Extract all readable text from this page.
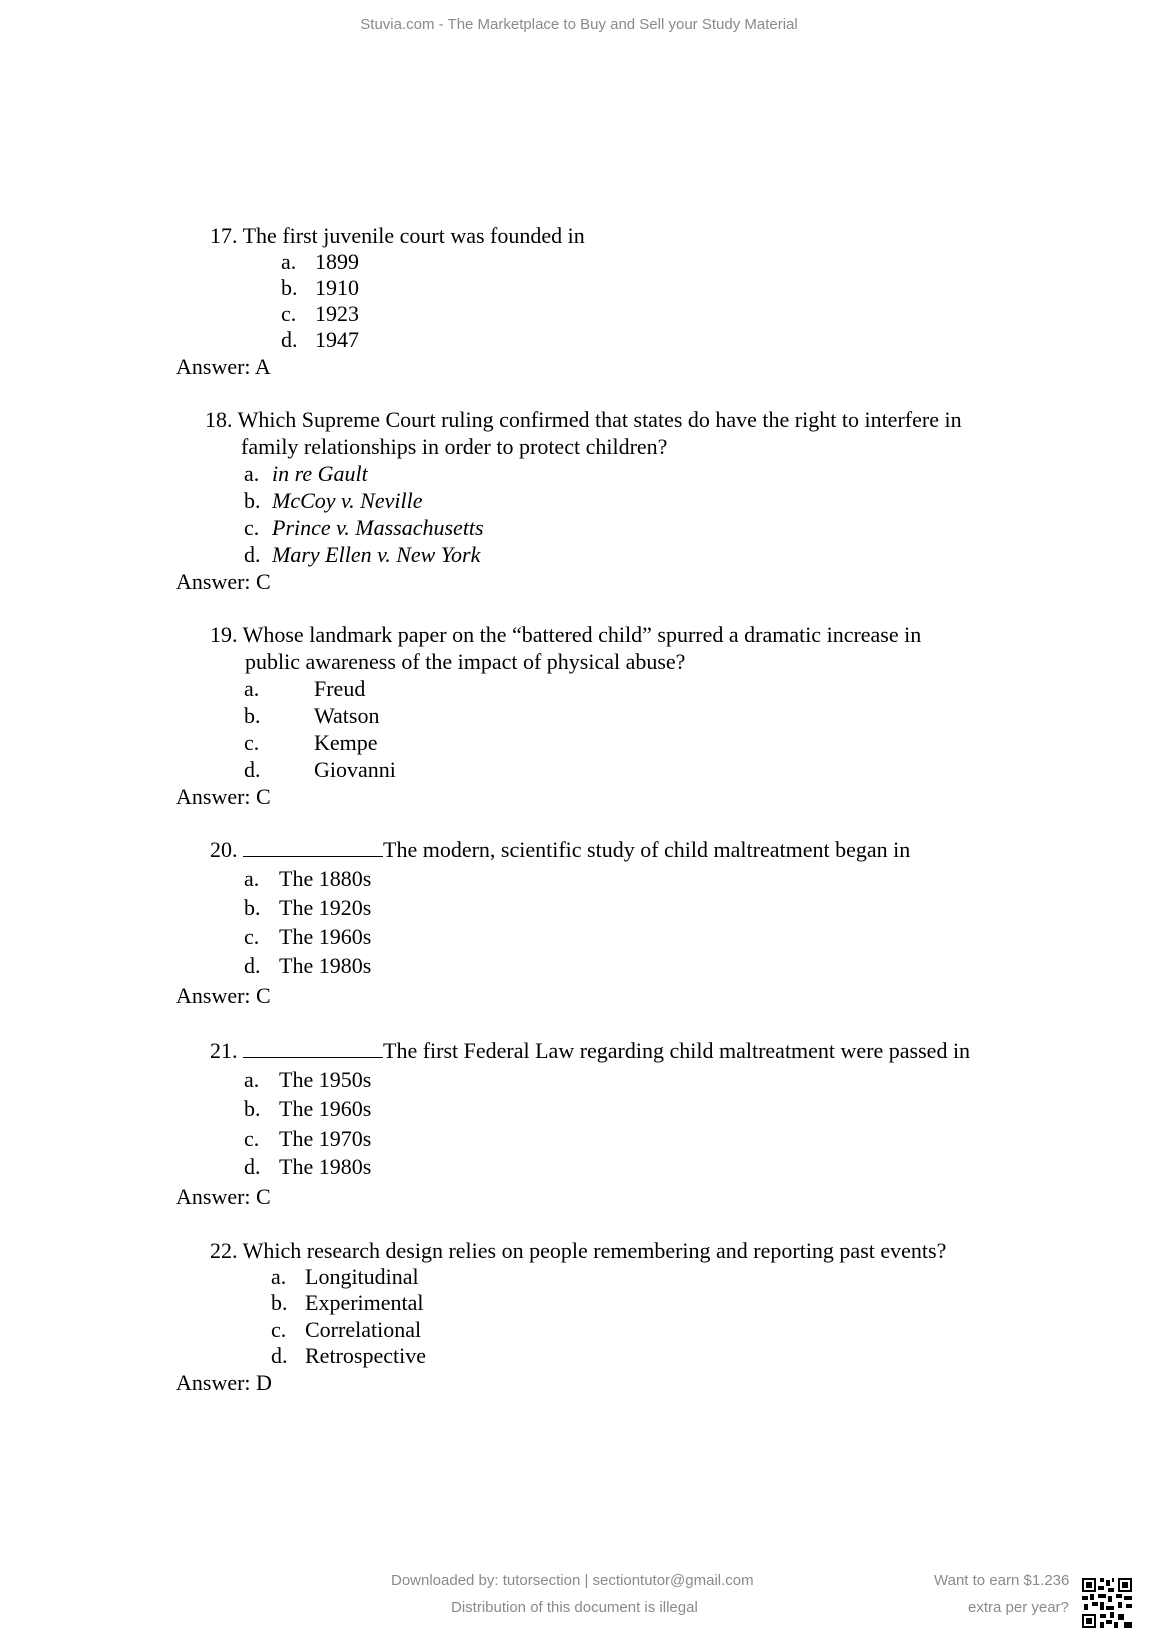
Stuvia.com - The Marketplace to Buy and Sell your Study Material
17. The first juvenile court was founded in
a. 1899
b. 1910
c. 1923
d. 1947
Answer: A
18. Which Supreme Court ruling confirmed that states do have the right to interfere in
family relationships in order to protect children?
a. in re Gault
b. McCoy v. Neville
c. Prince v. Massachusetts
d. Mary Ellen v. New York
Answer: C
19. Whose landmark paper on the “battered child” spurred a dramatic increase in
public awareness of the impact of physical abuse?
a. Freud
b. Watson
c. Kempe
d. Giovanni
Answer: C
20.	The modern, scientific study of child maltreatment began in
a. The 1880s
b. The 1920s
c. The 1960s
d. The 1980s
Answer: C
21.	The first Federal Law regarding child maltreatment were passed in
a. The 1950s
b. The 1960s
c. The 1970s
d. The 1980s
Answer: C
22. Which research design relies on people remembering and reporting past events?
a. Longitudinal
b. Experimental
c. Correlational
d. Retrospective
Answer: D
Downloaded by: tutorsection | sectiontutor@gmail.com
Distribution of this document is illegal
Want to earn $1.236
extra per year?
